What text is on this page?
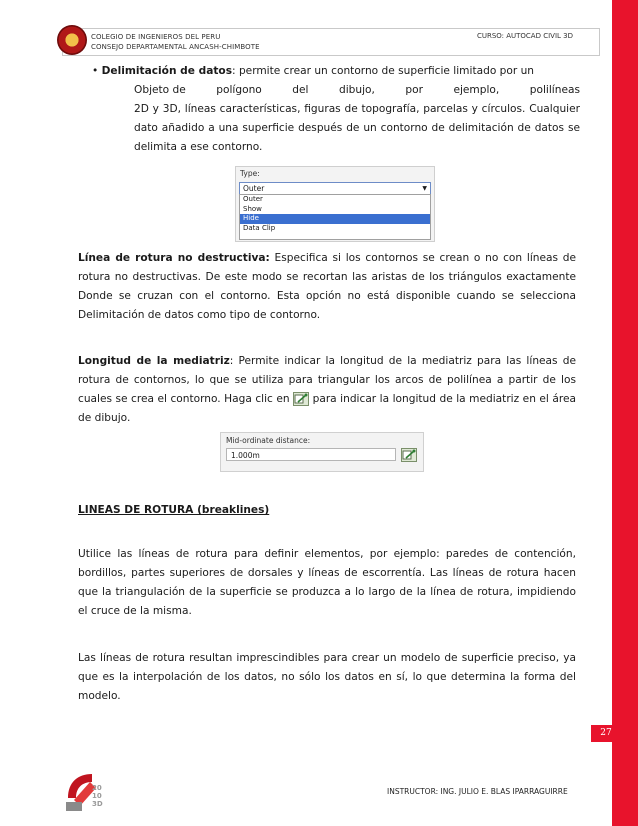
COLEGIO DE INGENIEROS DEL PERU
CONSEJO DEPARTAMENTAL ANCASH-CHIMBOTE
CURSO: AUTOCAD CIVIL 3D
• Delimitación de datos: permite crear un contorno de superficie limitado por un
Objeto de	polígono	del	dibujo,	por	ejemplo,	polilíneas
2D y 3D, líneas características, figuras de topografía, parcelas y círculos. Cualquier dato añadido a una superficie después de un contorno de delimitación de datos se delimita a ese contorno.
Type:
Outer	▼
Outer
Show
Hide
Data Clip
Línea de rotura no destructiva: Especifica si los contornos se crean o no con líneas de rotura no destructivas. De este modo se recortan las aristas de los triángulos exactamente Donde se cruzan con el contorno. Esta opción no está disponible cuando se selecciona Delimitación de datos como tipo de contorno.
Longitud de la mediatriz: Permite indicar la longitud de la mediatriz para las líneas de rotura de contornos, lo que se utiliza para triangular los arcos de polilínea a partir de los cuales se crea el contorno. Haga clic en
para indicar la longitud de la mediatriz en el área de dibujo.
Mid-ordinate distance:
1.000m
LINEAS DE ROTURA (breaklines)
Utilice las líneas de rotura para definir elementos, por ejemplo: paredes de contención, bordillos, partes superiores de dorsales y líneas de escorrentía. Las líneas de rotura hacen que la triangulación de la superficie se produzca a lo largo de la línea de rotura, impidiendo el cruce de la misma.
Las líneas de rotura resultan imprescindibles para crear un modelo de superficie preciso, ya que es la interpolación de los datos, no sólo los datos en sí, lo que determina la forma del modelo.
27
20
10
3D
INSTRUCTOR: ING. JULIO E. BLAS IPARRAGUIRRE
